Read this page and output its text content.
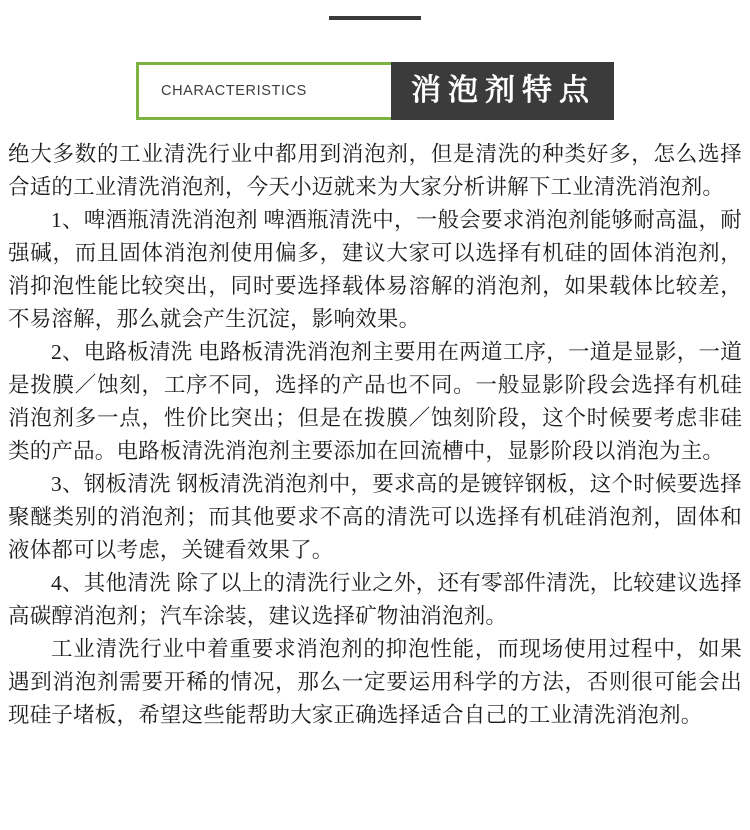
CHARACTERISTICS	消泡剂特点

绝大多数的工业清洗行业中都用到消泡剂，但是清洗的种类好多，怎么选择合适的工业清洗消泡剂，今天小迈就来为大家分析讲解下工业清洗消泡剂。

1、啤酒瓶清洗消泡剂 啤酒瓶清洗中，一般会要求消泡剂能够耐高温，耐强碱，而且固体消泡剂使用偏多，建议大家可以选择有机硅的固体消泡剂，消抑泡性能比较突出，同时要选择载体易溶解的消泡剂，如果载体比较差，不易溶解，那么就会产生沉淀，影响效果。

2、电路板清洗 电路板清洗消泡剂主要用在两道工序，一道是显影，一道是拨膜／蚀刻，工序不同，选择的产品也不同。一般显影阶段会选择有机硅消泡剂多一点，性价比突出；但是在拨膜／蚀刻阶段，这个时候要考虑非硅类的产品。电路板清洗消泡剂主要添加在回流槽中，显影阶段以消泡为主。

3、钢板清洗 钢板清洗消泡剂中，要求高的是镀锌钢板，这个时候要选择聚醚类别的消泡剂；而其他要求不高的清洗可以选择有机硅消泡剂，固体和液体都可以考虑，关键看效果了。

4、其他清洗 除了以上的清洗行业之外，还有零部件清洗，比较建议选择高碳醇消泡剂；汽车涂装，建议选择矿物油消泡剂。

工业清洗行业中着重要求消泡剂的抑泡性能，而现场使用过程中，如果遇到消泡剂需要开稀的情况，那么一定要运用科学的方法，否则很可能会出现硅子堵板，希望这些能帮助大家正确选择适合自己的工业清洗消泡剂。
